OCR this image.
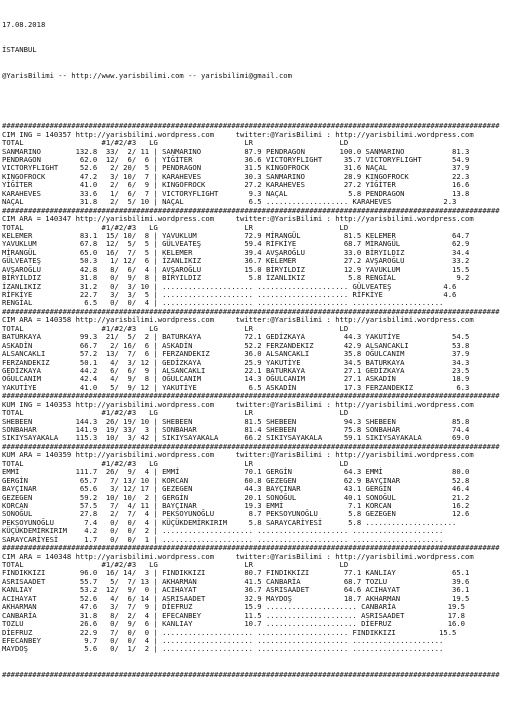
17.08.2018

İSTANBUL

@YarisBilimi -- http://www.yarisbilimi.com -- yarisbilimi@gmail.com

###################################################################################################################
CIM ING = 140357 http://yarisbilimi.wordpress.com     twitter:@YarisBilimi : http://yarisbilimi.wordpress.com
TOTAL                  #1/#2/#3   LG                    LR                    LD
SANMARINO        132.8  33/  2/ 11 | SANMARINO          87.9 PENDRAGON        100.0 SANMARINO           81.3
PENDRAGON         62.0  12/  6/  6 | YİĞİTER            36.6 VICTORYFLIGHT     35.7 VICTORYFLIGHT       54.9
VICTORYFLIGHT     52.6   2/ 20/  5 | PENDRAGON          31.5 KINGOFROCK        31.6 NAÇAL               37.9
KINGOFROCK        47.2   3/ 10/  7 | KARAHEVES          30.3 SANMARINO         28.9 KINGOFROCK          22.3
YİĞİTER           41.0   2/  6/  9 | KINGOFROCK         27.2 KARAHEVES         27.2 YİĞİTER             16.6
KARAHEVES         33.6   1/  6/  7 | VICTORYFLIGHT       9.3 NAÇAL              5.8 PENDRAGON           13.8
NAÇAL             31.8   2/  5/ 10 | NAÇAL               6.5 ................... KARAHEVES            2.3
###################################################################################################################
CIM ARA = 140347 http://yarisbilimi.wordpress.com     twitter:@YarisBilimi : http://yarisbilimi.wordpress.com
TOTAL                  #1/#2/#3   LG                    LR                    LD
KELEMER           83.1  15/ 10/  8 | YAVUKLUM           72.9 MİRANGÜL          81.5 KELEMER             64.7
YAVUKLUM          67.8  12/  5/  5 | GÜLVEATEŞ          59.4 RİFKİYE           68.7 MİRANGÜL            62.9
MİRANGÜL          65.0  16/  7/  5 | KELEMER            39.4 AVŞAROĞLU         33.0 BİRYILDIZ           34.4
GÜLVEATEŞ         50.3   1/ 12/  6 | İZANLIKIZ          36.7 KELEMER           27.2 AVŞAROĞLU           33.2
AVŞAROĞLU         42.8   8/  6/  4 | AVŞAROĞLU          15.0 BİRYILDIZ         12.9 YAVUKLUM            15.5
BİRYILDIZ         31.8   0/  9/  8 | BİRYILDIZ           5.8 İZANLIKIZ          5.8 RENGİAL              9.2
İZANLIKIZ         31.2   0/  3/ 10 | ..................... ..................... GÜLVEATEŞ            4.6
RİFKİYE           22.7   3/  3/  5 | ..................... ..................... RİFKİYE              4.6
RENGİAL            6.5   0/  0/  4 | ..................... ..................... .....................
###################################################################################################################
CIM ARA = 140358 http://yarisbilimi.wordpress.com     twitter:@YarisBilimi : http://yarisbilimi.wordpress.com
TOTAL                  #1/#2/#3   LG                    LR                    LD
BATURKAYA         99.3  21/  5/  2 | BATURKAYA          72.1 GEDİZKAYA         44.3 YAKUTİYE            54.5
ASKADİN           66.7   2/ 16/  6 | ASKADİN            52.2 FERZANDEKIZ       42.9 ALSANCAKLI          53.8
ALSANCAKLI        57.2  13/  7/  6 | FERZANDEKIZ        36.0 ALSANCAKLI        35.8 OĞULCANIM           37.9
FERZANDEKIZ       50.1   4/  3/ 12 | GEDİZKAYA          25.9 YAKUTİYE          34.5 BATURKAYA           34.3
GEDİZKAYA         44.2   6/  6/  9 | ALSANCAKLI         22.1 BATURKAYA         27.1 GEDİZKAYA           23.5
OĞULCANIM         42.4   4/  9/  8 | OĞULCANIM          14.3 OĞULCANIM         27.1 ASKADİN             18.9
YAKUTİYE          41.0   5/  9/ 12 | YAKUTİYE            6.5 ASKADİN           17.3 FERZANDEKIZ          6.3
###################################################################################################################
KUM ING = 140353 http://yarisbilimi.wordpress.com     twitter:@YarisBilimi : http://yarisbilimi.wordpress.com
TOTAL                  #1/#2/#3   LG                    LR                    LD
SHEBEEN          144.3  26/ 19/ 10 | SHEBEEN            81.5 SHEBEEN           94.3 SHEBEEN             85.8
SONBAHAR         141.9  19/ 33/  3 | SONBAHAR           81.4 SHEBEEN           75.8 SONBAHAR            74.4
SIKIYSAYAKALA    115.3  10/  3/ 42 | SIKIYSAYAKALA      66.2 SIKIYSAYAKALA     59.1 SIKIYSAYAKALA       69.0
###################################################################################################################
KUM ARA = 140359 http://yarisbilimi.wordpress.com     twitter:@YarisBilimi : http://yarisbilimi.wordpress.com
TOTAL                  #1/#2/#3   LG                    LR                    LD
EMMİ             111.7  26/  9/  4 | EMMİ               70.1 GERGİN            64.3 EMMİ                80.0
GERGİN            65.7   7/ 13/ 10 | KORCAN             60.8 GEZEGEN           62.9 BAYÇINAR            52.8
BAYÇINAR          65.6   3/ 12/ 17 | GEZEGEN            44.3 BAYÇINAR          43.1 GERGİN              46.4
GEZEGEN           59.2  10/ 10/  2 | GERGİN             20.1 SONOĞUL           40.1 SONOĞUL             21.2
KORCAN            57.5   7/  4/ 11 | BAYÇINAR           19.3 EMMİ               7.1 KORCAN              16.2
SONOĞUL           27.8   2/  7/  4 | PEKSOYUNOĞLU        8.7 PEKSOYUNOĞLU       5.8 GEZEGEN             12.6
PEKSOYUNOĞLU       7.4   0/  0/  4 | KÜÇÜKDEMİRKIRIM     5.8 SARAYCARİYESİ      5.8 .....................
KÜÇÜKDEMİRKIRIM    4.2   0/  0/  2 | ..................... ..................... .....................
SARAYCARİYESİ      1.7   0/  0/  1 | ..................... ..................... .....................
###################################################################################################################
CIM ARA = 140348 http://yarisbilimi.wordpress.com     twitter:@YarisBilimi : http://yarisbilimi.wordpress.com
TOTAL                  #1/#2/#3   LG                    LR                    LD
FINDIKKIZI        96.0  16/ 14/  3 | FINDIKKIZI         80.7 FINDIKKIZI        77.1 KANLIAY             65.1
ASRISAADET        55.7   5/  7/ 13 | AKHARMAN           41.5 CANBARİA          68.7 TOZLU               39.6
KANLIAY           53.2  12/  9/  0 | ACIHAYAT           36.7 ASRISAADET        64.6 ACIHAYAT            36.1
ACIHAYAT          52.6   4/  6/ 14 | ASRISAADET         32.9 MAYDOŞ            18.7 AKHARMAN            19.5
AKHARMAN          47.6   3/  7/  9 | DİEFRUZ            15.9 ..................... CANBARİA            19.5
CANBARİA          31.8   8/  2/  4 | EFECANBEY          11.5 ..................... ASRISAADET          17.8
TOZLU             26.6   0/  9/  6 | KANLIAY            10.7 ..................... DİEFRUZ             16.0
DİEFRUZ           22.9   7/  0/  0 | ..................... ..................... FINDIKKIZI          15.5
EFECANBEY          9.7   0/  0/  4 | ..................... ..................... .....................
MAYDOŞ             5.6   0/  1/  2 | ..................... ..................... .....................

###################################################################################################################
